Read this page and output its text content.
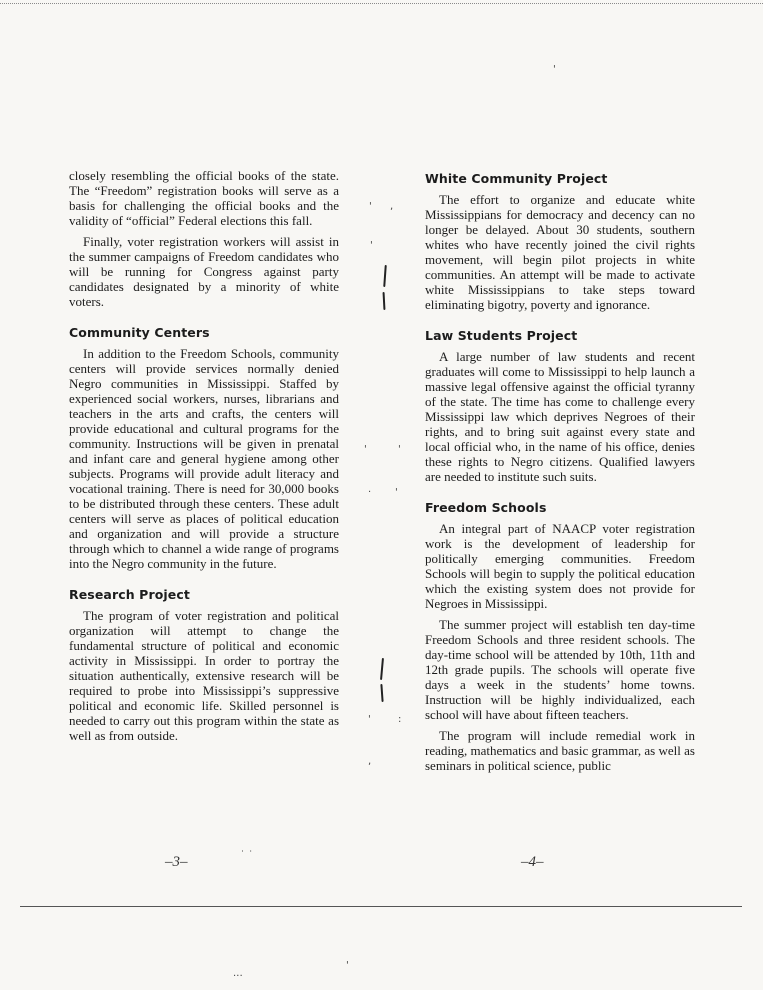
closely resembling the official books of the state. The “Freedom” registration books will serve as a basis for challenging the official books and the validity of “official” Federal elections this fall.

Finally, voter registration workers will assist in the summer campaigns of Freedom candidates who will be running for Congress against party candidates designated by a minority of white voters.

Community Centers

In addition to the Freedom Schools, community centers will provide services normally denied Negro communities in Mississippi. Staffed by experienced social workers, nurses, librarians and teachers in the arts and crafts, the centers will provide educational and cultural programs for the community. Instructions will be given in prenatal and infant care and general hygiene among other subjects. Programs will provide adult literacy and vocational training. There is need for 30,000 books to be distributed through these centers. These adult centers will serve as places of political education and organization and will provide a structure through which to channel a wide range of programs into the Negro community in the future.

Research Project

The program of voter registration and political organization will attempt to change the fundamental structure of political and economic activity in Mississippi. In order to portray the situation authentically, extensive research will be required to probe into Mississippi’s suppressive political and economic life. Skilled personnel is needed to carry out this program within the state as well as from outside.

White Community Project

The effort to organize and educate white Mississippians for democracy and decency can no longer be delayed. About 30 students, southern whites who have recently joined the civil rights movement, will begin pilot projects in white communities. An attempt will be made to activate white Mississippians to take steps toward eliminating bigotry, poverty and ignorance.

Law Students Project

A large number of law students and recent graduates will come to Mississippi to help launch a massive legal offensive against the official tyranny of the state. The time has come to challenge every Mississippi law which deprives Negroes of their rights, and to bring suit against every state and local official who, in the name of his office, denies these rights to Negro citizens. Qualified lawyers are needed to institute such suits.

Freedom Schools

An integral part of NAACP voter registration work is the development of leadership for politically emerging communities. Freedom Schools will begin to supply the political education which the existing system does not provide for Negroes in Mississippi.

The summer project will establish ten day-time Freedom Schools and three resident schools. The day-time school will be attended by 10th, 11th and 12th grade pupils. The schools will operate five days a week in the students’ home towns. Instruction will be highly individualized, each school will have about fifteen teachers.

The program will include remedial work in reading, mathematics and basic grammar, as well as seminars in political science, public

–3–	–4–
' ,
'
'	'
· '
'	:
,
'
˙ ˙
.‥
'
